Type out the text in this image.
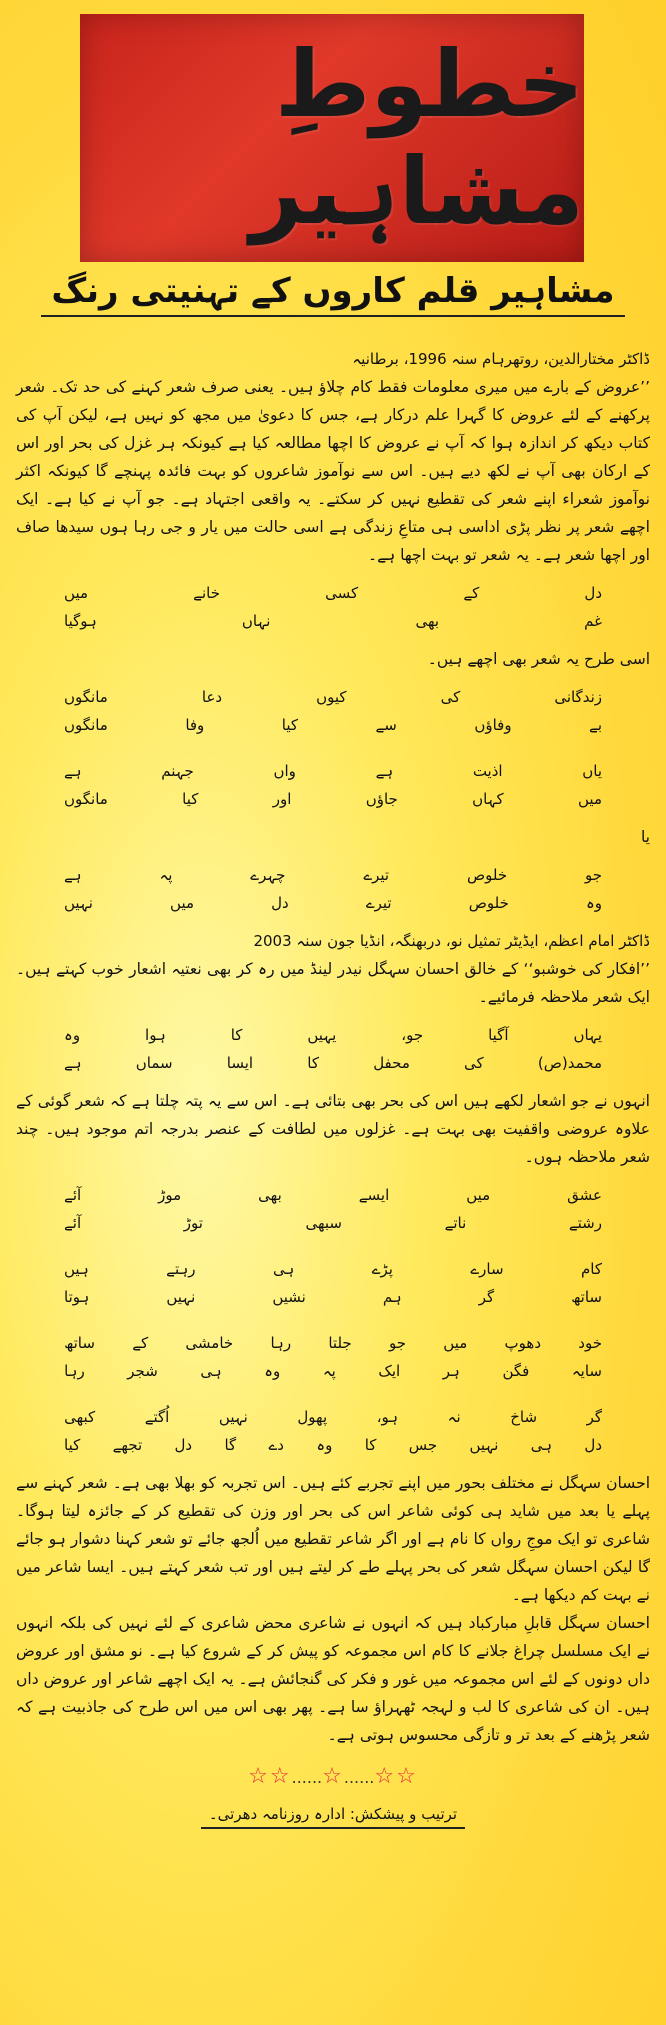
خطوطِ مشاہیر
مشاہیر قلم کاروں کے تہنیتی رنگ

ڈاکٹر مختارالدین، روتھرہام سنہ 1996، برطانیہ

’’عروض کے بارے میں میری معلومات فقط کام چلاؤ ہیں۔ یعنی صرف شعر کہنے کی حد تک۔ شعر پرکھنے کے لئے عروض کا گہرا علم درکار ہے، جس کا دعویٰ میں مجھ کو نہیں ہے، لیکن آپ کی کتاب دیکھ کر اندازہ ہوا کہ آپ نے عروض کا اچھا مطالعہ کیا ہے کیونکہ ہر غزل کی بحر اور اس کے ارکان بھی آپ نے لکھ دیے ہیں۔ اس سے نوآموز شاعروں کو بہت فائدہ پہنچے گا کیونکہ اکثر نوآموز شعراء اپنے شعر کی تقطیع نہیں کر سکتے۔ یہ واقعی اجتہاد ہے۔ جو آپ نے کیا ہے۔ ایک اچھے شعر پر نظر پڑی اداسی ہی متاعِ زندگی ہے اسی حالت میں یار و جی رہا ہوں سیدھا صاف اور اچھا شعر ہے۔ یہ شعر تو بہت اچھا ہے۔

دل
کے
کسی
خانے
میں
غم
بھی
نہاں
ہوگیا

اسی طرح یہ شعر بھی اچھے ہیں۔

زندگانی
کی
کیوں
دعا
مانگوں
بے
وفاؤں
سے
کیا
وفا
مانگوں
یاں
اذیت
ہے
واں
جہنم
ہے
میں
کہاں
جاؤں
اور
کیا
مانگوں

یا

جو
خلوص
تیرے
چہرے
پہ
ہے
وہ
خلوص
تیرے
دل
میں
نہیں

ڈاکٹر امام اعظم، ایڈیٹر تمثیل نو، دربھنگہ، انڈیا جون سنہ 2003

’’افکار کی خوشبو‘‘ کے خالق احسان سہگل نیدر لینڈ میں رہ کر بھی نعتیہ اشعار خوب کہتے ہیں۔ ایک شعر ملاحظہ فرمائیے۔

یہاں
آگیا
جو،
یہیں
کا
ہوا
وہ
محمد(ص)
کی
محفل
کا
ایسا
سماں
ہے

انہوں نے جو اشعار لکھے ہیں اس کی بحر بھی بتائی ہے۔ اس سے یہ پتہ چلتا ہے کہ شعر گوئی کے علاوہ عروضی واقفیت بھی بہت ہے۔ غزلوں میں لطافت کے عنصر بدرجہ اتم موجود ہیں۔ چند شعر ملاحظہ ہوں۔

عشق
میں
ایسے
بھی
موڑ
آئے
رشتے
ناتے
سبھی
توڑ
آئے
کام
سارے
پڑے
ہی
رہتے
ہیں
ساتھ
گر
ہم
نشیں
نہیں
ہوتا
خود
دھوپ
میں
جو
جلتا
رہا
خامشی
کے
ساتھ
سایہ
فگن
ہر
ایک
پہ
وہ
ہی
شجر
رہا
گر
شاخ
نہ
ہو،
پھول
نہیں
اُگتے
کبھی
دل
ہی
نہیں
جس
کا
وہ
دے
گا
دل
تجھے
کیا

احسان سہگل نے مختلف بحور میں اپنے تجربے کئے ہیں۔ اس تجربہ کو بھلا بھی ہے۔ شعر کہنے سے پہلے یا بعد میں شاید ہی کوئی شاعر اس کی بحر اور وزن کی تقطیع کر کے جائزہ لیتا ہوگا۔ شاعری تو ایک موجِ رواں کا نام ہے اور اگر شاعر تقطیع میں اُلجھ جائے تو شعر کہنا دشوار ہو جائے گا لیکن احسان سہگل شعر کی بحر پہلے طے کر لیتے ہیں اور تب شعر کہتے ہیں۔ ایسا شاعر میں نے بہت کم دیکھا ہے۔

احسان سہگل قابلِ مبارکباد ہیں کہ انہوں نے شاعری محض شاعری کے لئے نہیں کی بلکہ انہوں نے ایک مسلسل چراغ جلانے کا کام اس مجموعہ کو پیش کر کے شروع کیا ہے۔ نو مشق اور عروض داں دونوں کے لئے اس مجموعہ میں غور و فکر کی گنجائش ہے۔ یہ ایک اچھے شاعر اور عروض داں ہیں۔ ان کی شاعری کا لب و لہجہ ٹھہراؤ سا ہے۔ پھر بھی اس میں اس طرح کی جاذبیت ہے کہ شعر پڑھنے کے بعد تر و تازگی محسوس ہوتی ہے۔

☆☆......☆......☆☆
ترتیب و پیشکش: ادارہ روزنامہ دھرتی۔
